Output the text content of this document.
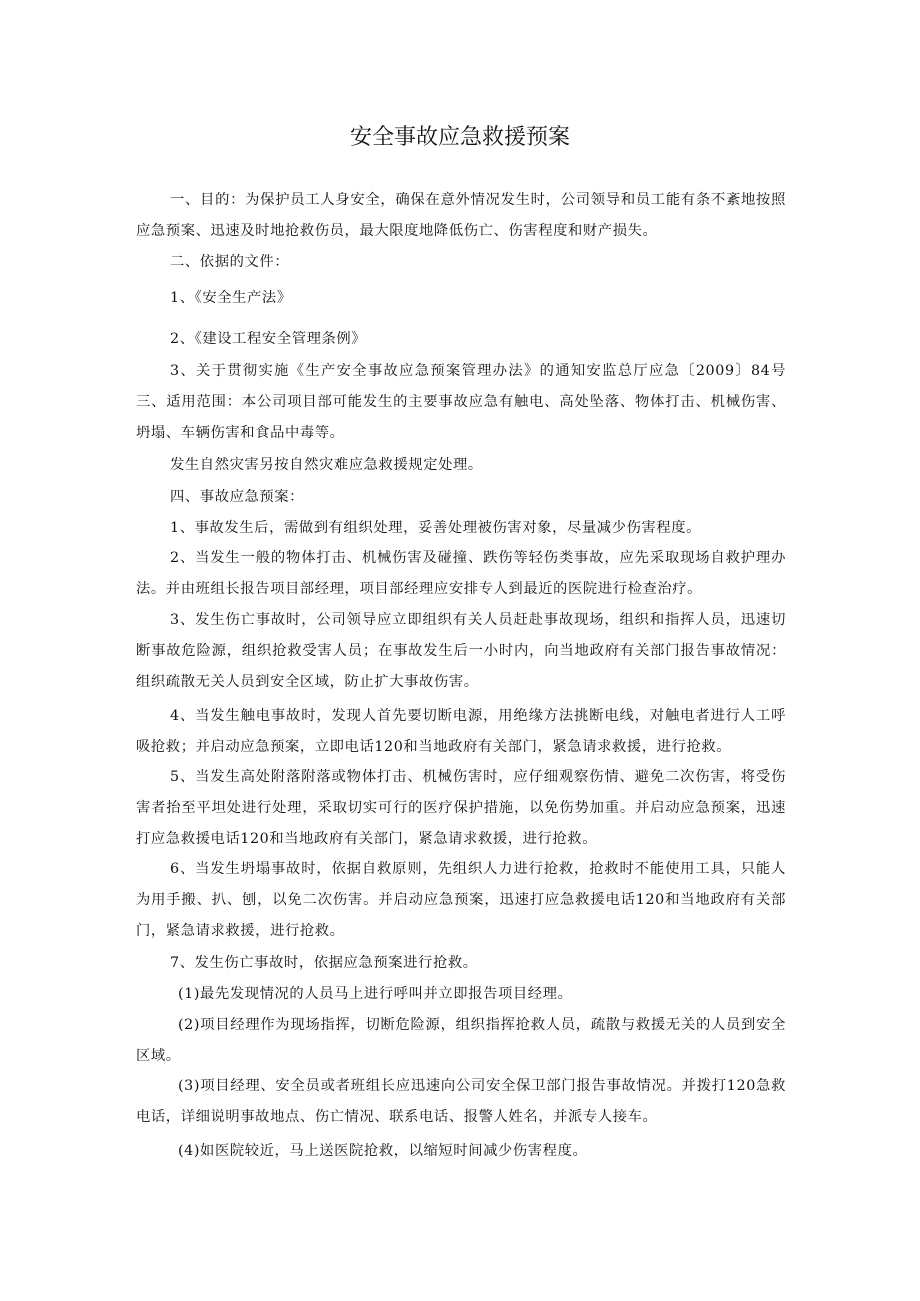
安全事故应急救援预案

一、目的：为保护员工人身安全，确保在意外情况发生时，公司领导和员工能有条不紊地按照应急预案、迅速及时地抢救伤员，最大限度地降低伤亡、伤害程度和财产损失。

二、依据的文件：

1、《安全生产法》

2、《建设工程安全管理条例》

3、关于贯彻实施《生产安全事故应急预案管理办法》的通知安监总厅应急〔2009〕84号三、适用范围：本公司项目部可能发生的主要事故应急有触电、高处坠落、物体打击、机械伤害、坍塌、车辆伤害和食品中毒等。

发生自然灾害另按自然灾难应急救援规定处理。

四、事故应急预案：

1、事故发生后，需做到有组织处理，妥善处理被伤害对象，尽量减少伤害程度。

2、当发生一般的物体打击、机械伤害及碰撞、跌伤等轻伤类事故，应先采取现场自救护理办法。并由班组长报告项目部经理，项目部经理应安排专人到最近的医院进行检查治疗。

3、发生伤亡事故时，公司领导应立即组织有关人员赶赴事故现场，组织和指挥人员，迅速切断事故危险源，组织抢救受害人员；在事故发生后一小时内，向当地政府有关部门报告事故情况：组织疏散无关人员到安全区域，防止扩大事故伤害。

4、当发生触电事故时，发现人首先要切断电源，用绝缘方法挑断电线，对触电者进行人工呼吸抢救；并启动应急预案，立即电话120和当地政府有关部门，紧急请求救援，进行抢救。

5、当发生高处附落附落或物体打击、机械伤害时，应仔细观察伤情、避免二次伤害，将受伤害者抬至平坦处进行处理，采取切实可行的医疗保护措施，以免伤势加重。并启动应急预案，迅速打应急救援电话120和当地政府有关部门，紧急请求救援，进行抢救。

6、当发生坍塌事故时，依据自救原则，先组织人力进行抢救，抢救时不能使用工具，只能人为用手搬、扒、刨，以免二次伤害。并启动应急预案，迅速打应急救援电话120和当地政府有关部门，紧急请求救援，进行抢救。

7、发生伤亡事故时，依据应急预案进行抢救。

(1)最先发现情况的人员马上进行呼叫并立即报告项目经理。

(2)项目经理作为现场指挥，切断危险源，组织指挥抢救人员，疏散与救援无关的人员到安全区域。

(3)项目经理、安全员或者班组长应迅速向公司安全保卫部门报告事故情况。并拨打120急救电话，详细说明事故地点、伤亡情况、联系电话、报警人姓名，并派专人接车。

(4)如医院较近，马上送医院抢救，以缩短时间减少伤害程度。
